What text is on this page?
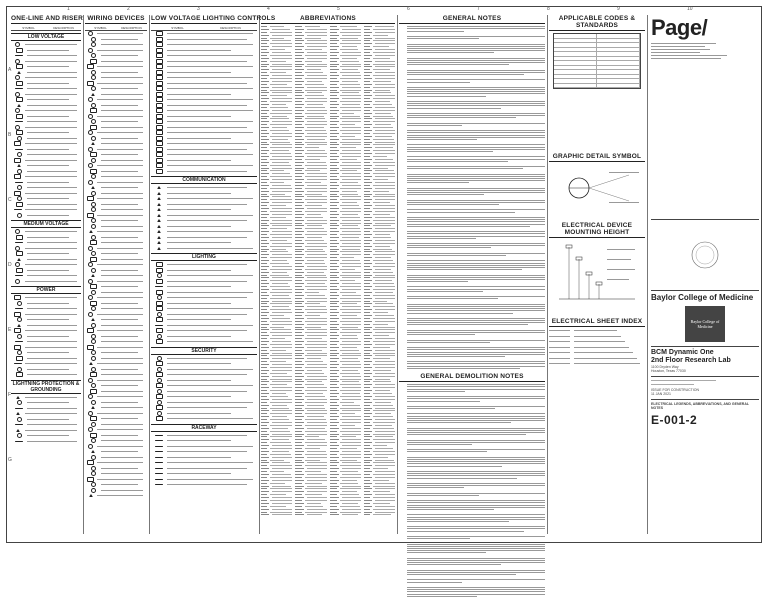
1	2	3	4	5	6	7	8	9	10
A
B
C
D
E
F
G
ONE-LINE AND RISER
SYMBOL	DESCRIPTION
LOW VOLTAGE
MEDIUM VOLTAGE
POWER
LIGHTNING PROTECTION & GROUNDING
WIRING DEVICES
SYMBOL	DESCRIPTION
LOW VOLTAGE LIGHTING CONTROLS
SYMBOL	DESCRIPTION
COMMUNICATION
LIGHTING
SECURITY
RACEWAY
ABBREVIATIONS	GENERAL NOTES
GENERAL DEMOLITION NOTES
APPLICABLE CODES & STANDARDS
GRAPHIC DETAIL SYMBOL
ELECTRICAL DEVICE MOUNTING HEIGHT
ELECTRICAL SHEET INDEX
Page/
Baylor College of Medicine
Baylor College of Medicine
BCM Dynamic One
2nd Floor Research Lab
1100 Dryden Way
Houston, Texas 77030
ISSUE FOR CONSTRUCTION
11 JAN 2021
ELECTRICAL LEGENDS, ABBREVIATIONS, AND GENERAL NOTES
E-001-2
